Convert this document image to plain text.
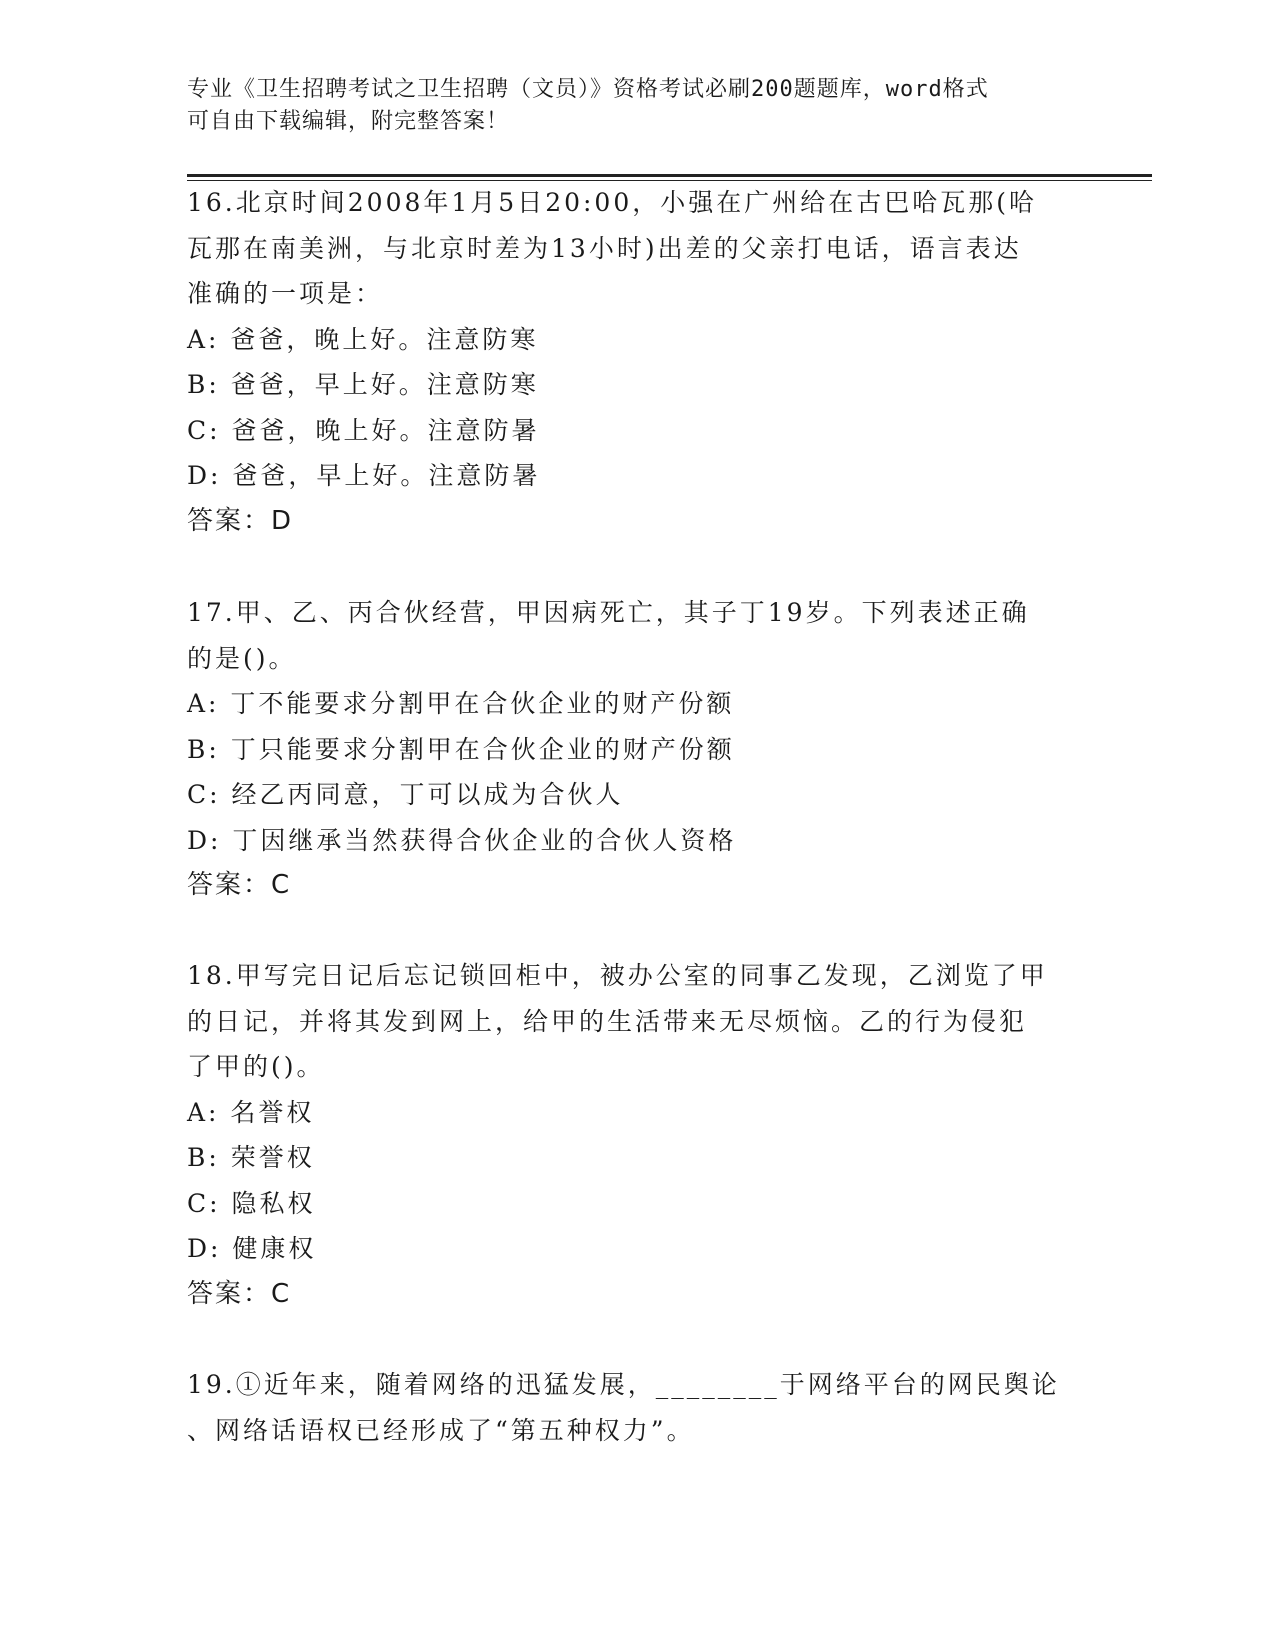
专业《卫生招聘考试之卫生招聘（文员）》资格考试必刷200题题库，word格式
可自由下载编辑，附完整答案！
16.北京时间2008年1月5日20:00，小强在广州给在古巴哈瓦那(哈
瓦那在南美洲，与北京时差为13小时)出差的父亲打电话，语言表达
准确的一项是：
A: 爸爸，晚上好。注意防寒
B: 爸爸，早上好。注意防寒
C: 爸爸，晚上好。注意防暑
D: 爸爸，早上好。注意防暑
答案：D
17.甲、乙、丙合伙经营，甲因病死亡，其子丁19岁。下列表述正确
的是()。
A: 丁不能要求分割甲在合伙企业的财产份额
B: 丁只能要求分割甲在合伙企业的财产份额
C: 经乙丙同意，丁可以成为合伙人
D: 丁因继承当然获得合伙企业的合伙人资格
答案：C
18.甲写完日记后忘记锁回柜中，被办公室的同事乙发现，乙浏览了甲
的日记，并将其发到网上，给甲的生活带来无尽烦恼。乙的行为侵犯
了甲的()。
A: 名誉权
B: 荣誉权
C: 隐私权
D: 健康权
答案：C
19.①近年来，随着网络的迅猛发展，________于网络平台的网民舆论
、网络话语权已经形成了“第五种权力”。
